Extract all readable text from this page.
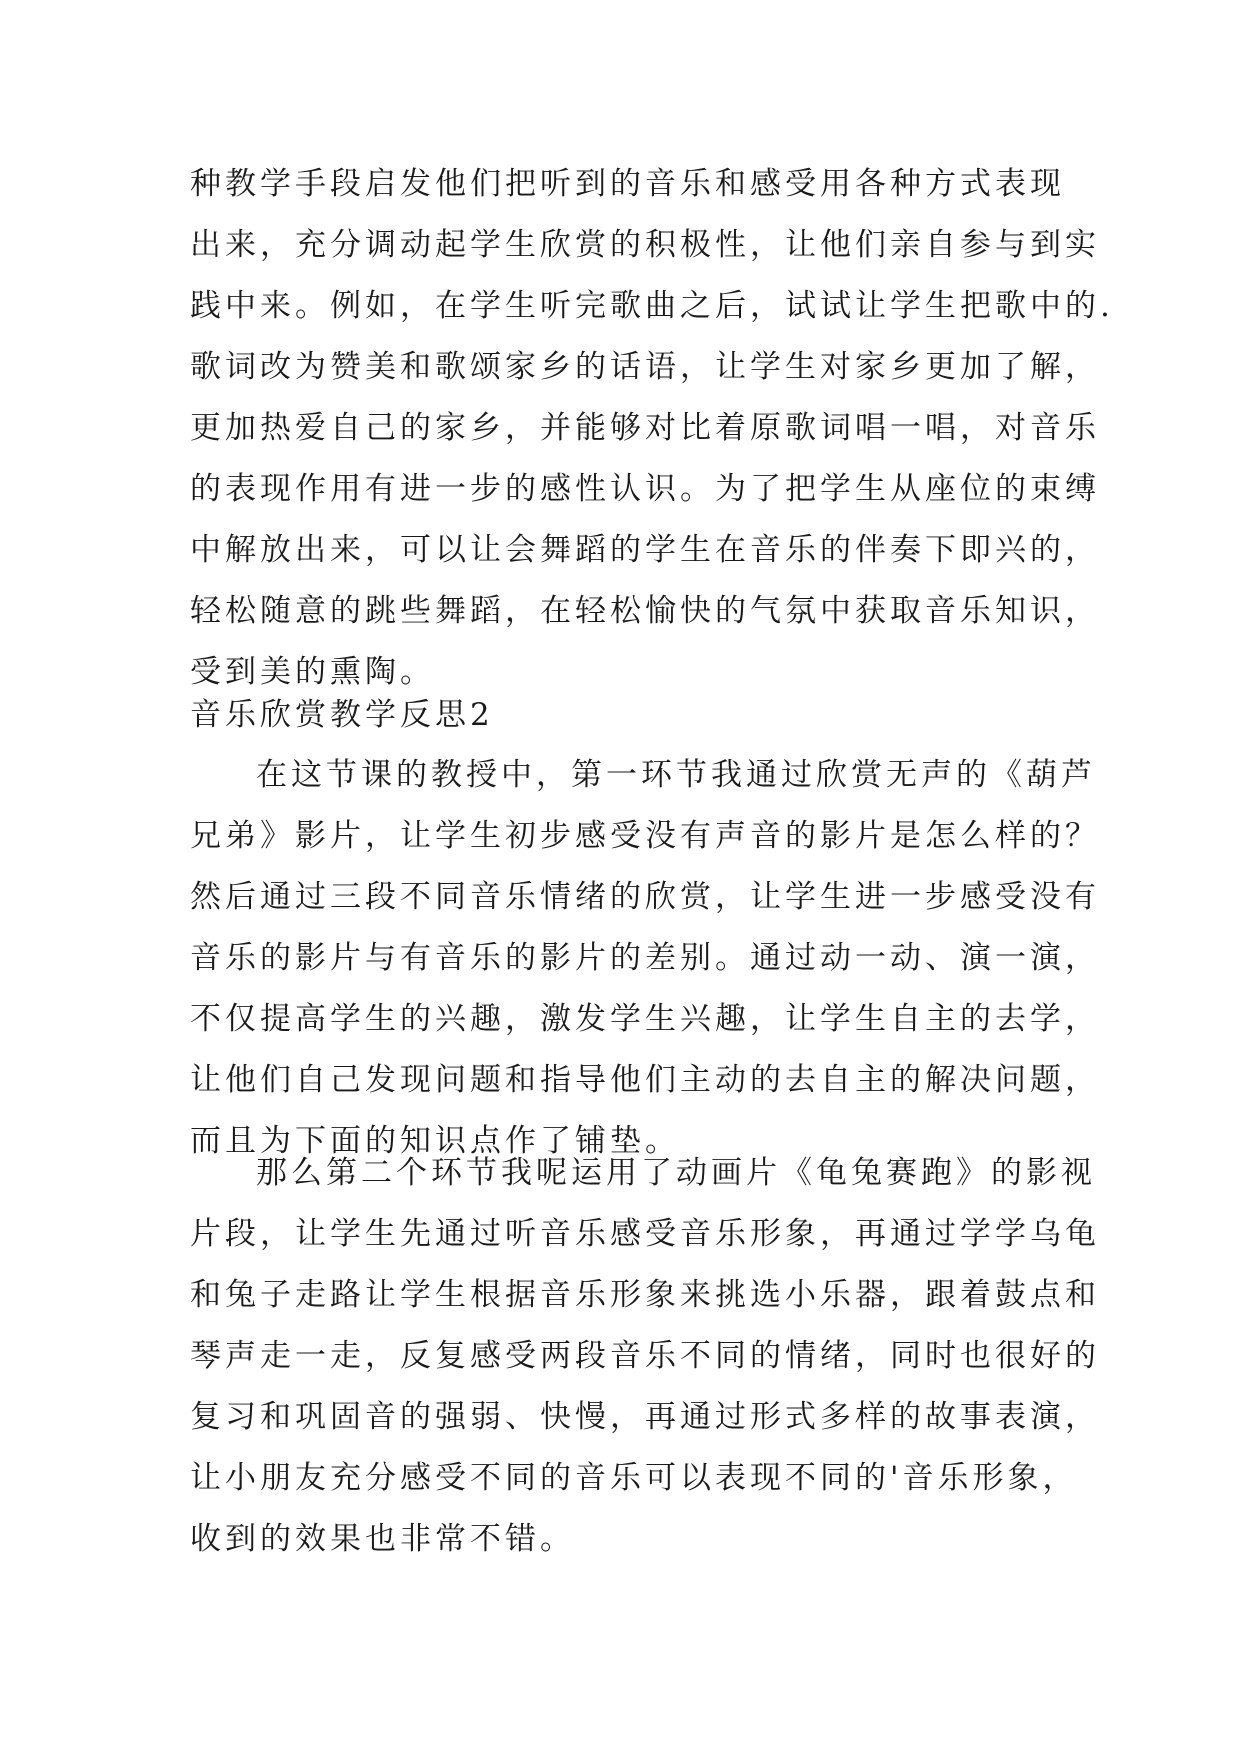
种教学手段启发他们把听到的音乐和感受用各种方式表现
出来，充分调动起学生欣赏的积极性，让他们亲自参与到实
践中来。例如，在学生听完歌曲之后，试试让学生把歌中的.
歌词改为赞美和歌颂家乡的话语，让学生对家乡更加了解，
更加热爱自己的家乡，并能够对比着原歌词唱一唱，对音乐
的表现作用有进一步的感性认识。为了把学生从座位的束缚
中解放出来，可以让会舞蹈的学生在音乐的伴奏下即兴的，
轻松随意的跳些舞蹈，在轻松愉快的气氛中获取音乐知识，
受到美的熏陶。
音乐欣赏教学反思2
在这节课的教授中，第一环节我通过欣赏无声的《葫芦
兄弟》影片，让学生初步感受没有声音的影片是怎么样的？
然后通过三段不同音乐情绪的欣赏，让学生进一步感受没有
音乐的影片与有音乐的影片的差别。通过动一动、演一演，
不仅提高学生的兴趣，激发学生兴趣，让学生自主的去学，
让他们自己发现问题和指导他们主动的去自主的解决问题，
而且为下面的知识点作了铺垫。
那么第二个环节我呢运用了动画片《龟兔赛跑》的影视
片段，让学生先通过听音乐感受音乐形象，再通过学学乌龟
和兔子走路让学生根据音乐形象来挑选小乐器，跟着鼓点和
琴声走一走，反复感受两段音乐不同的情绪，同时也很好的
复习和巩固音的强弱、快慢，再通过形式多样的故事表演，
让小朋友充分感受不同的音乐可以表现不同的'音乐形象，
收到的效果也非常不错。
